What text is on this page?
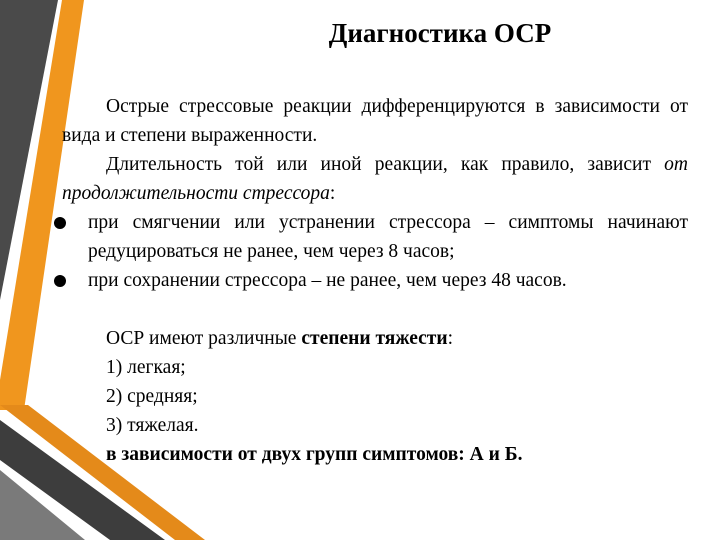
Диагностика ОСР

Острые стрессовые реакции дифференцируются в зависимости от вида и степени выраженности.

Длительность той или иной реакции, как правило, зависит от продолжительности стрессора:

при смягчении или устранении стрессора – симптомы начинают редуцироваться не ранее, чем через 8 часов;
при сохранении стрессора – не ранее, чем через 48 часов.

ОСР имеют различные степени тяжести:

1) легкая;

2) средняя;

3) тяжелая.

в зависимости от двух групп симптомов: А и Б.
